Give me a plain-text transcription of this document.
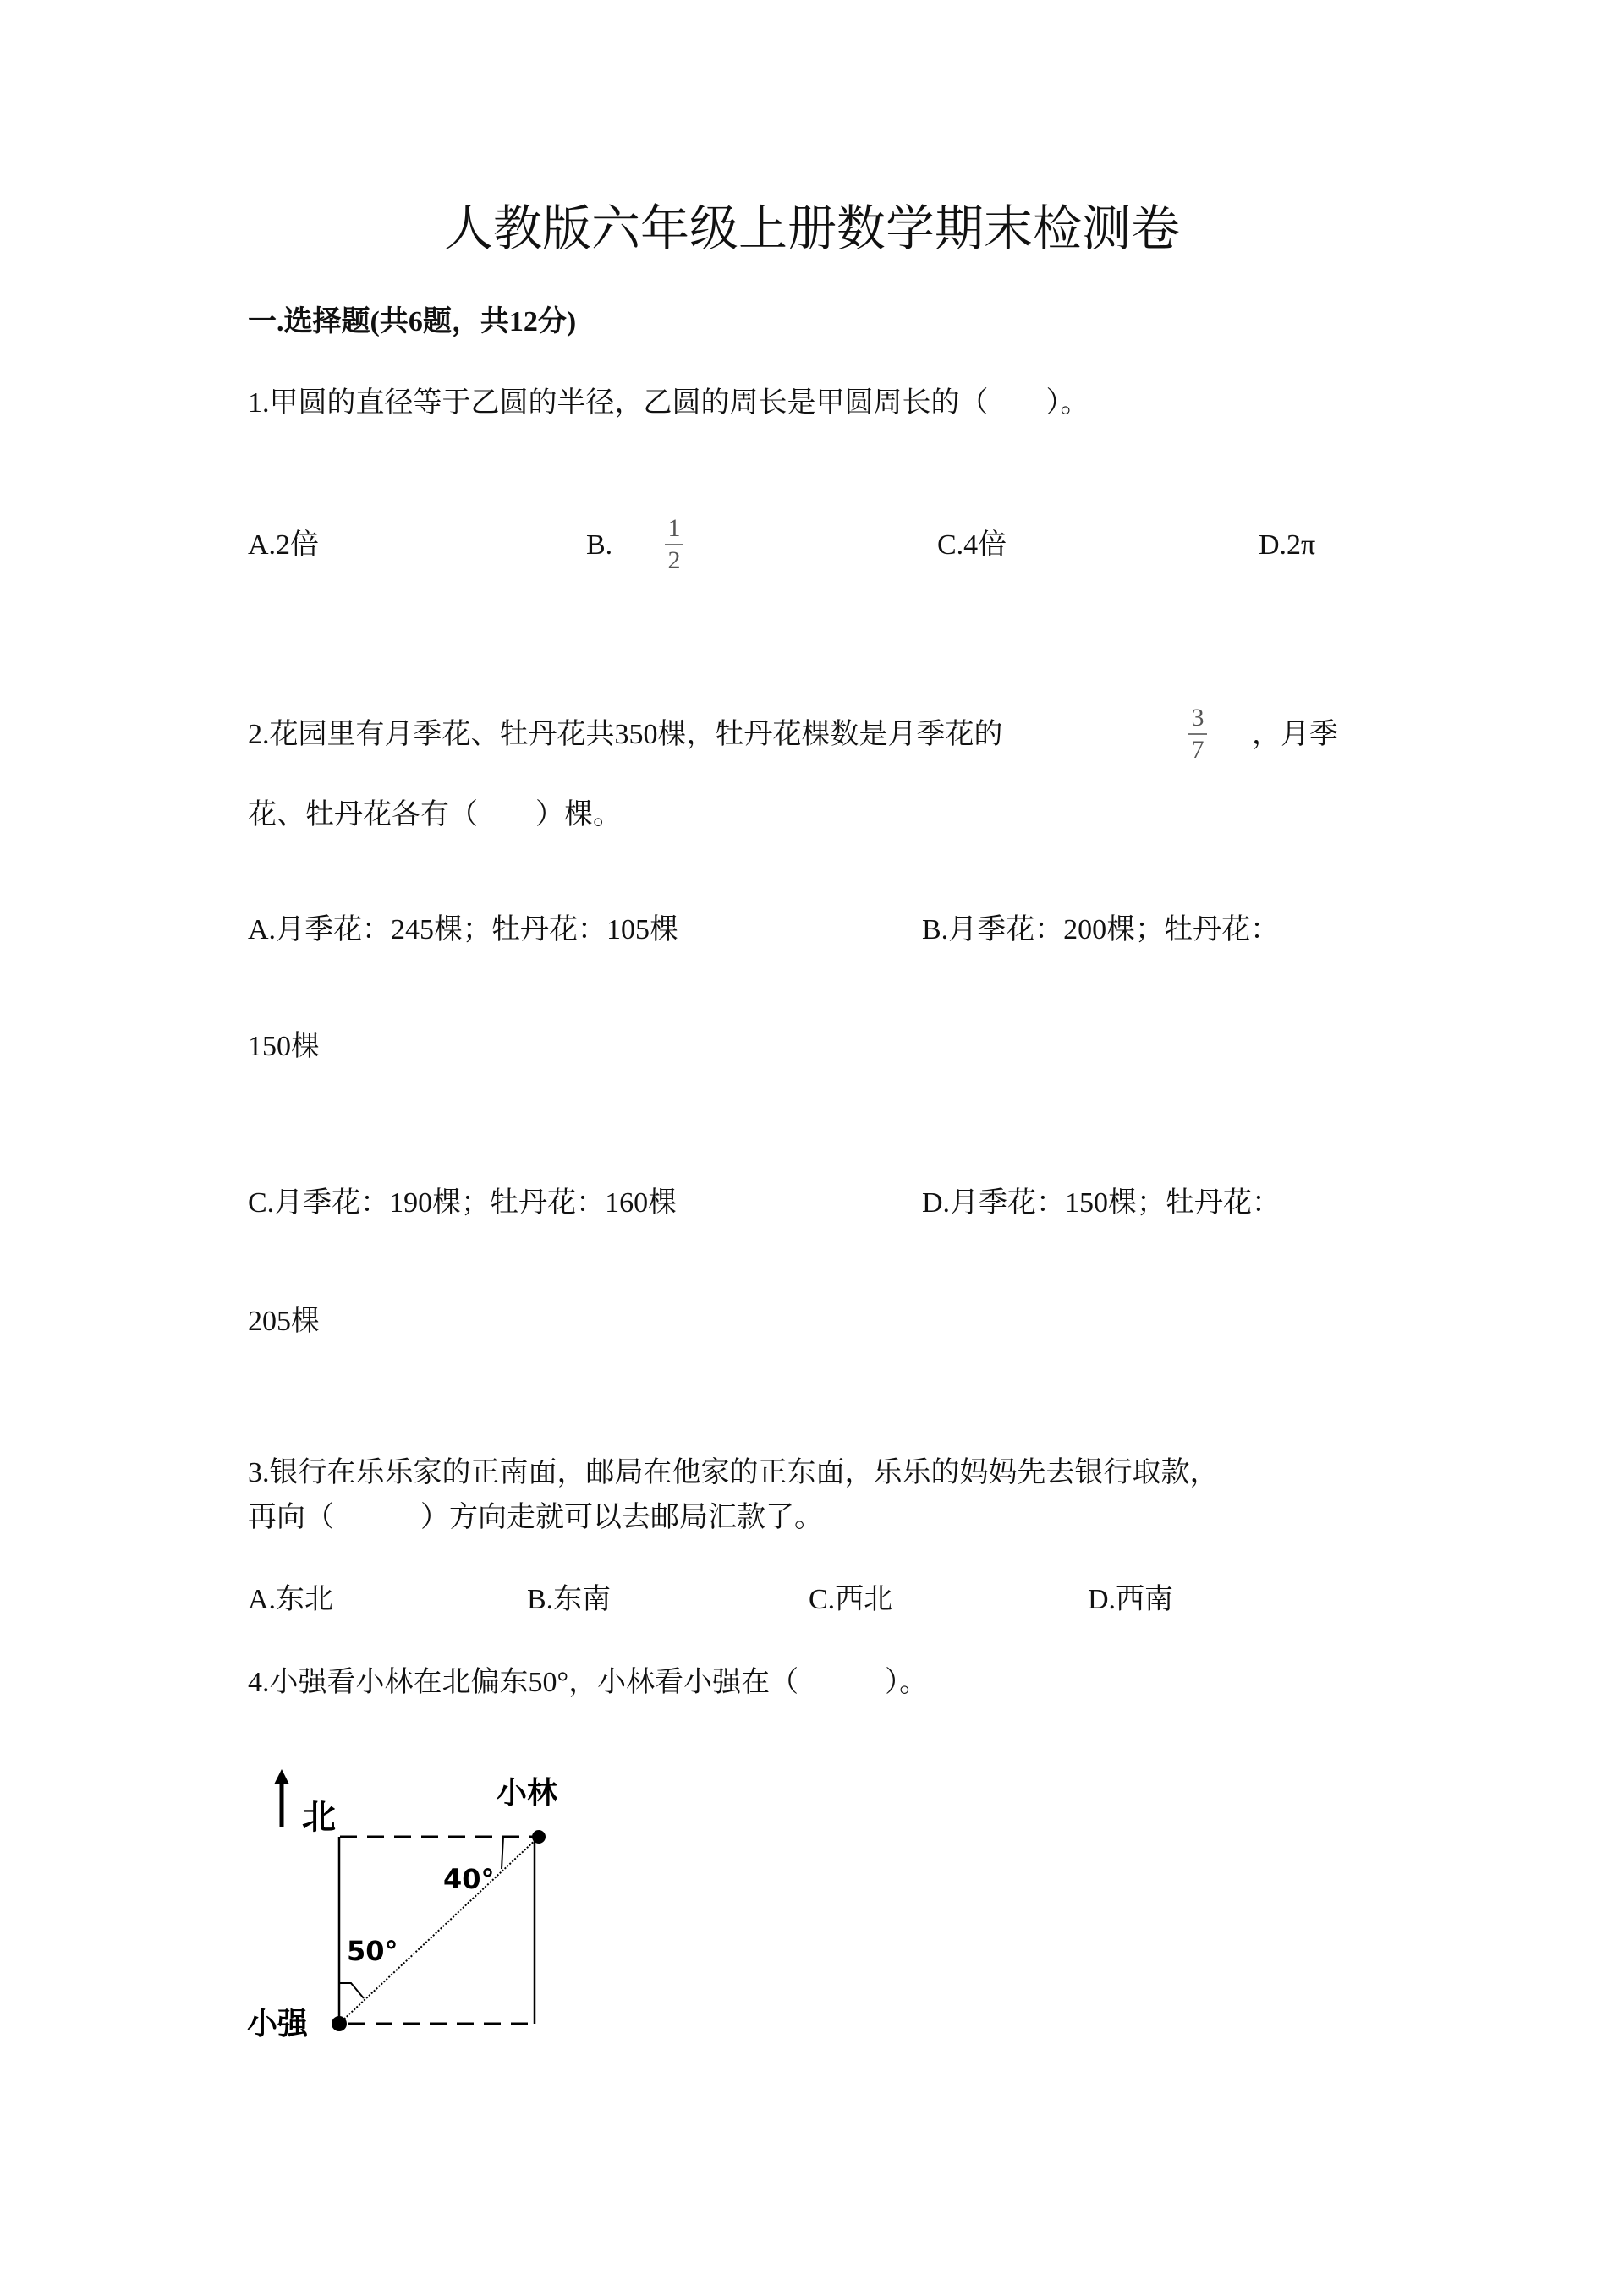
人教版六年级上册数学期末检测卷
一.选择题(共6题，共12分)
1.甲圆的直径等于乙圆的半径，乙圆的周长是甲圆周长的（　　）。
A.2倍	B.
1
2	C.4倍	D.2π
2.花园里有月季花、牡丹花共350棵，牡丹花棵数是月季花的
3
7 ，月季
花、牡丹花各有（　　）棵。
A.月季花：245棵；牡丹花：105棵	B.月季花：200棵；牡丹花：
150棵
C.月季花：190棵；牡丹花：160棵	D.月季花：150棵；牡丹花：
205棵
3.银行在乐乐家的正南面，邮局在他家的正东面，乐乐的妈妈先去银行取款，
再向（　　　）方向走就可以去邮局汇款了。
A.东北	B.东南	C.西北	D.西南
4.小强看小林在北偏东50°，小林看小强在（　　　）。
北
小林
小强
40°
50°
